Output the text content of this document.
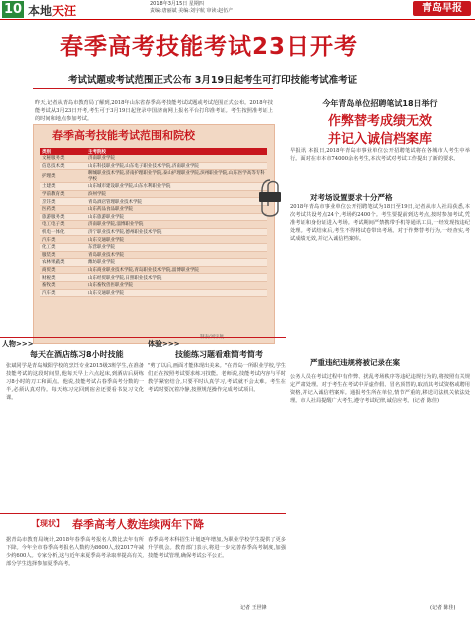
10 本地天汪	2018年3月15日 星期四
责编:唐丽斌 美编:刘宇航 审读:赵伍产	青岛早报
春季高考技能考试23日开考
考试试题或考试范围正式公布 3月19日起考生可打印技能考试准考证
昨天,记者从青岛市教育局了解到,2018年山东省春季高考技能考试试题或考试范围正式公布。2018年技能考试从3月23日开考,考生可于3月19日起登录中国济南网上报名平台打印准考证。考生按照准考证上的时间和地点参加考试。
春季高考技能考试范围和院校
类别	主考院校
文秘服务类	济南职业学院
信息技术类	山东科技职业学院,山东电子职业技术学院,济南职业学院
护理类	聊城职业技术学院,济南护理职业学院,泰山护理职业学院,滨州职业学院,山东医学高等专科学校
土建类	山东城市建设职业学院,山东水利职业学院
学前教育类	滨州学院
烹饪类	青岛酒店管理职业技术学院
医药类	山东药品食品职业学院
旅游服务类	山东旅游职业学院
电工电子类	济南职业学院,淄博职业学院
机电一体化	济宁职业技术学院,德州职业技术学院
汽车类	山东交通职业学院
化工类	东营职业学院
服装类	青岛职业技术学院
农林果蔬类	潍坊职业学院
商贸类	山东商业职业技术学院,青岛职业技术学院,淄博职业学院
财税类	山东经贸职业学院,日照职业技术学院
畜牧类	山东畜牧兽医职业学院
汽车类	山东交通职业学院
制表/刘宇航
今年青岛单位招聘笔试18日举行
作弊替考成绩无效
并记入诚信档案库
早报讯 本报日,2018年青岛市事业单位公开招聘笔试将在各城市人考生中举行。面对在市本市74000余名考生,本次考试对考试工作提出了新的要求。
对考场设置要求十分严格
2018年青岛市事业单位公开招聘笔试为18日至19日,记者从市人社局获悉,本次考试共设考点24个,考场约2400个。考生要提前到达考点,按时参加考试,凭准考证和身份证进入考场。考试期间严禁携带手机等通讯工具,一经发现按违纪处理。考试结束后,考生不得将试卷带出考场。对于作弊替考行为,一经查实,考试成绩无效,并记入诚信档案库。
严重违纪违规将被记录在案
公务人员在考试过程中有作弊、扰乱考场秩序等违纪违规行为的,将按照有关规定严肃处理。对于考生在考试中弄虚作假、冒名顶替的,取消其考试资格或聘用资格,并记入诚信档案库。通报考生所在单位,情节严重的,移送司法机关依法处理。市人社局提醒广大考生,遵守考试纪律,诚信应考。(记者 陈佳)
人物>>>
每天在酒店练习8小时技能
张斌同学是青岛城阳学校的烹饪专业2015级3班学生,在准备技能考试的这段时间里,他每天早上六点起床,到酒店后厨练习8小时的刀工和面点。他说,技能考试占春季高考分数的一半,必须认真对待。每天练习完回到宿舍还要看书复习文化课。
体验>>>
技能练习题看难简考简考
"剪了以后,画面才能体现出美来。"在青岛一所职业学校,学生们正在按照考试要求练习技能。老师说,技能考试内容与平时教学紧密结合,只要平时认真学习,考试就不会太难。考生在考试时要沉着冷静,按照规范操作完成考试项目。
【现状】 春季高考人数连续两年下降
据青岛市教育局统计,2018年春季高考报名人数比去年有所下降。今年全市春季高考报名人数约为8600人,较2017年减少约600人。专家分析,这与近年来夏季高考录取率提高有关,部分学生选择参加夏季高考。
春季高考本科招生计划逐年增加,为职业学校学生提供了更多升学机会。教育部门表示,将进一步完善春季高考制度,加强技能考试管理,确保考试公平公正。
记者 王世锋	(记者 陈佳)
